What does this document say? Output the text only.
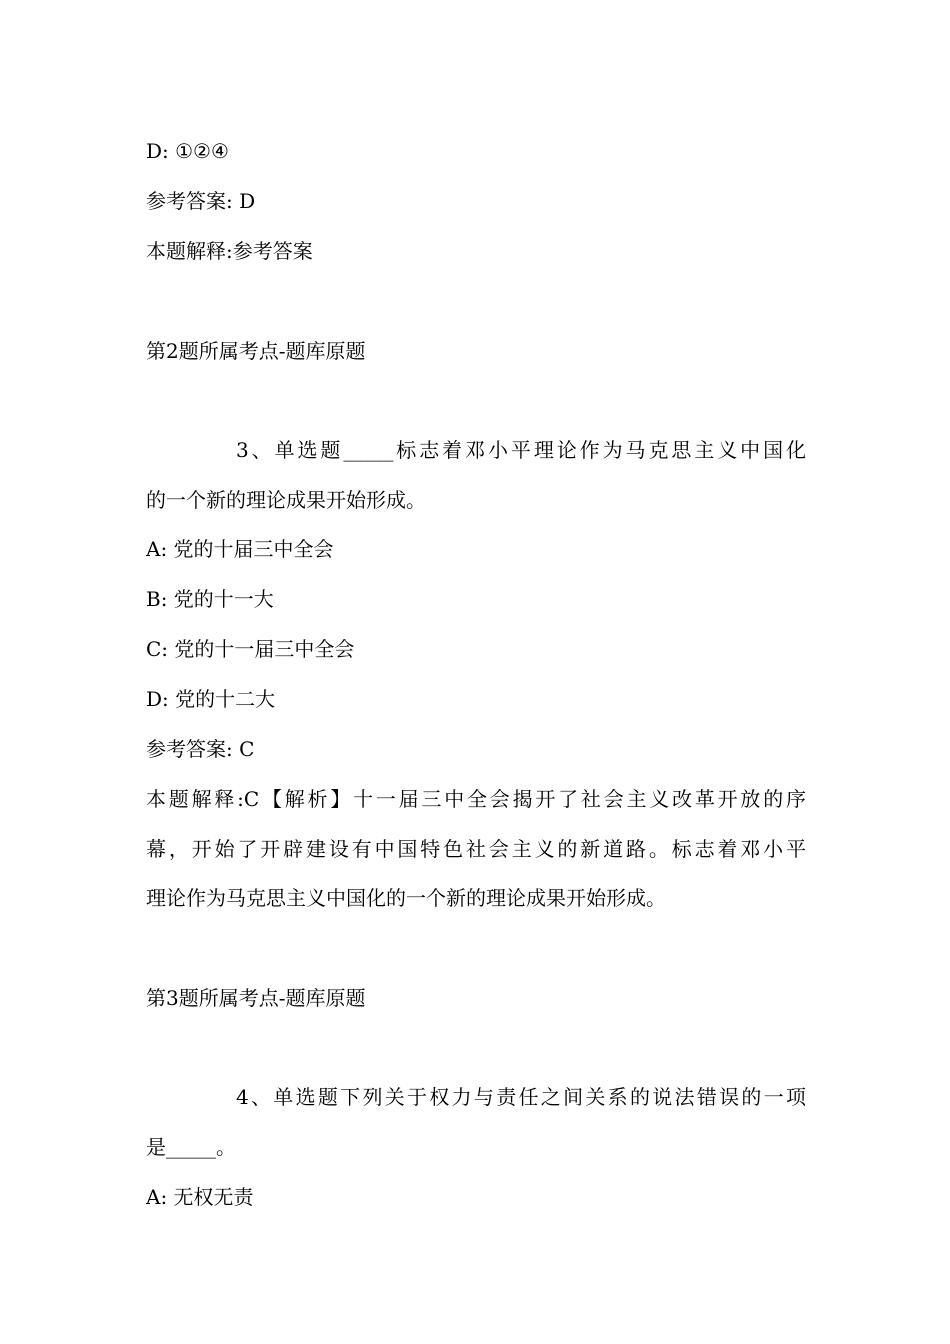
D: ①②④
参考答案: D
本题解释:参考答案
第2题所属考点-题库原题
3、单选题_____标志着邓小平理论作为马克思主义中国化
的一个新的理论成果开始形成。
A: 党的十届三中全会
B: 党的十一大
C: 党的十一届三中全会
D: 党的十二大
参考答案: C
本题解释:C【解析】十一届三中全会揭开了社会主义改革开放的序
幕，开始了开辟建设有中国特色社会主义的新道路。标志着邓小平
理论作为马克思主义中国化的一个新的理论成果开始形成。
第3题所属考点-题库原题
4、单选题下列关于权力与责任之间关系的说法错误的一项
是_____。
A: 无权无责
